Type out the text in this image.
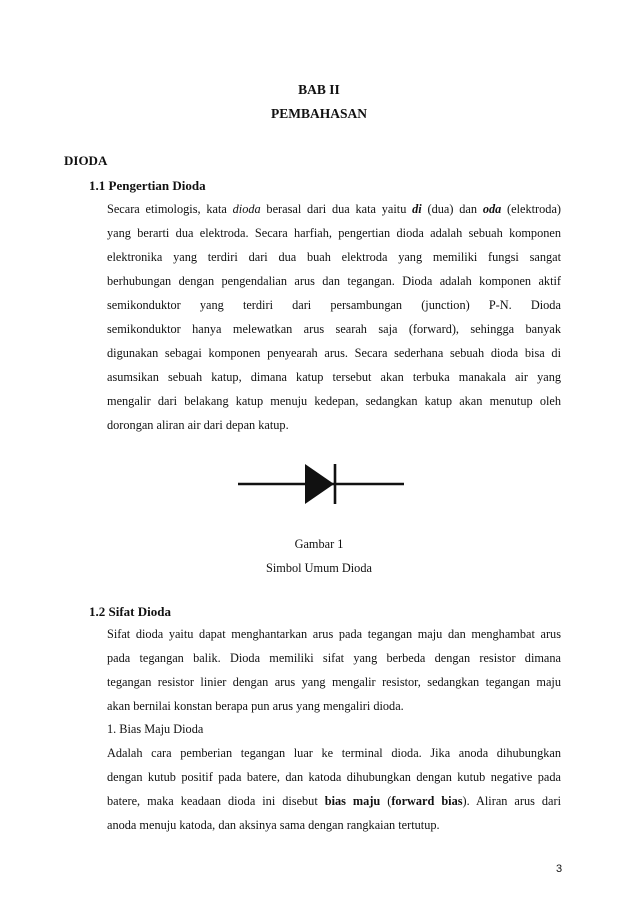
BAB II
PEMBAHASAN
DIODA
1.1 Pengertian Dioda
Secara etimologis, kata dioda berasal dari dua kata yaitu di (dua) dan oda (elektroda)
yang berarti dua elektroda. Secara harfiah, pengertian dioda adalah sebuah komponen
elektronika yang terdiri dari dua buah elektroda yang memiliki fungsi sangat
berhubungan dengan pengendalian arus dan tegangan. Dioda adalah komponen aktif
semikonduktor yang terdiri dari persambungan (junction) P-N. Dioda
semikonduktor hanya melewatkan arus searah saja (forward), sehingga banyak
digunakan sebagai komponen penyearah arus. Secara sederhana sebuah dioda bisa di
asumsikan sebuah katup, dimana katup tersebut akan terbuka manakala air yang
mengalir dari belakang katup menuju kedepan, sedangkan katup akan menutup oleh
dorongan aliran air dari depan katup.
Gambar 1
Simbol Umum Dioda
1.2 Sifat Dioda
Sifat dioda yaitu dapat menghantarkan arus pada tegangan maju dan menghambat arus
pada tegangan balik. Dioda memiliki sifat yang berbeda dengan resistor dimana
tegangan resistor linier dengan arus yang mengalir resistor, sedangkan tegangan maju
akan bernilai konstan berapa pun arus yang mengaliri dioda.
1. Bias Maju Dioda
Adalah cara pemberian tegangan luar ke terminal dioda. Jika anoda dihubungkan
dengan kutub positif pada batere, dan katoda dihubungkan dengan kutub negative pada
batere, maka keadaan dioda ini disebut bias maju (forward bias). Aliran arus dari
anoda menuju katoda, dan aksinya sama dengan rangkaian tertutup.
3
